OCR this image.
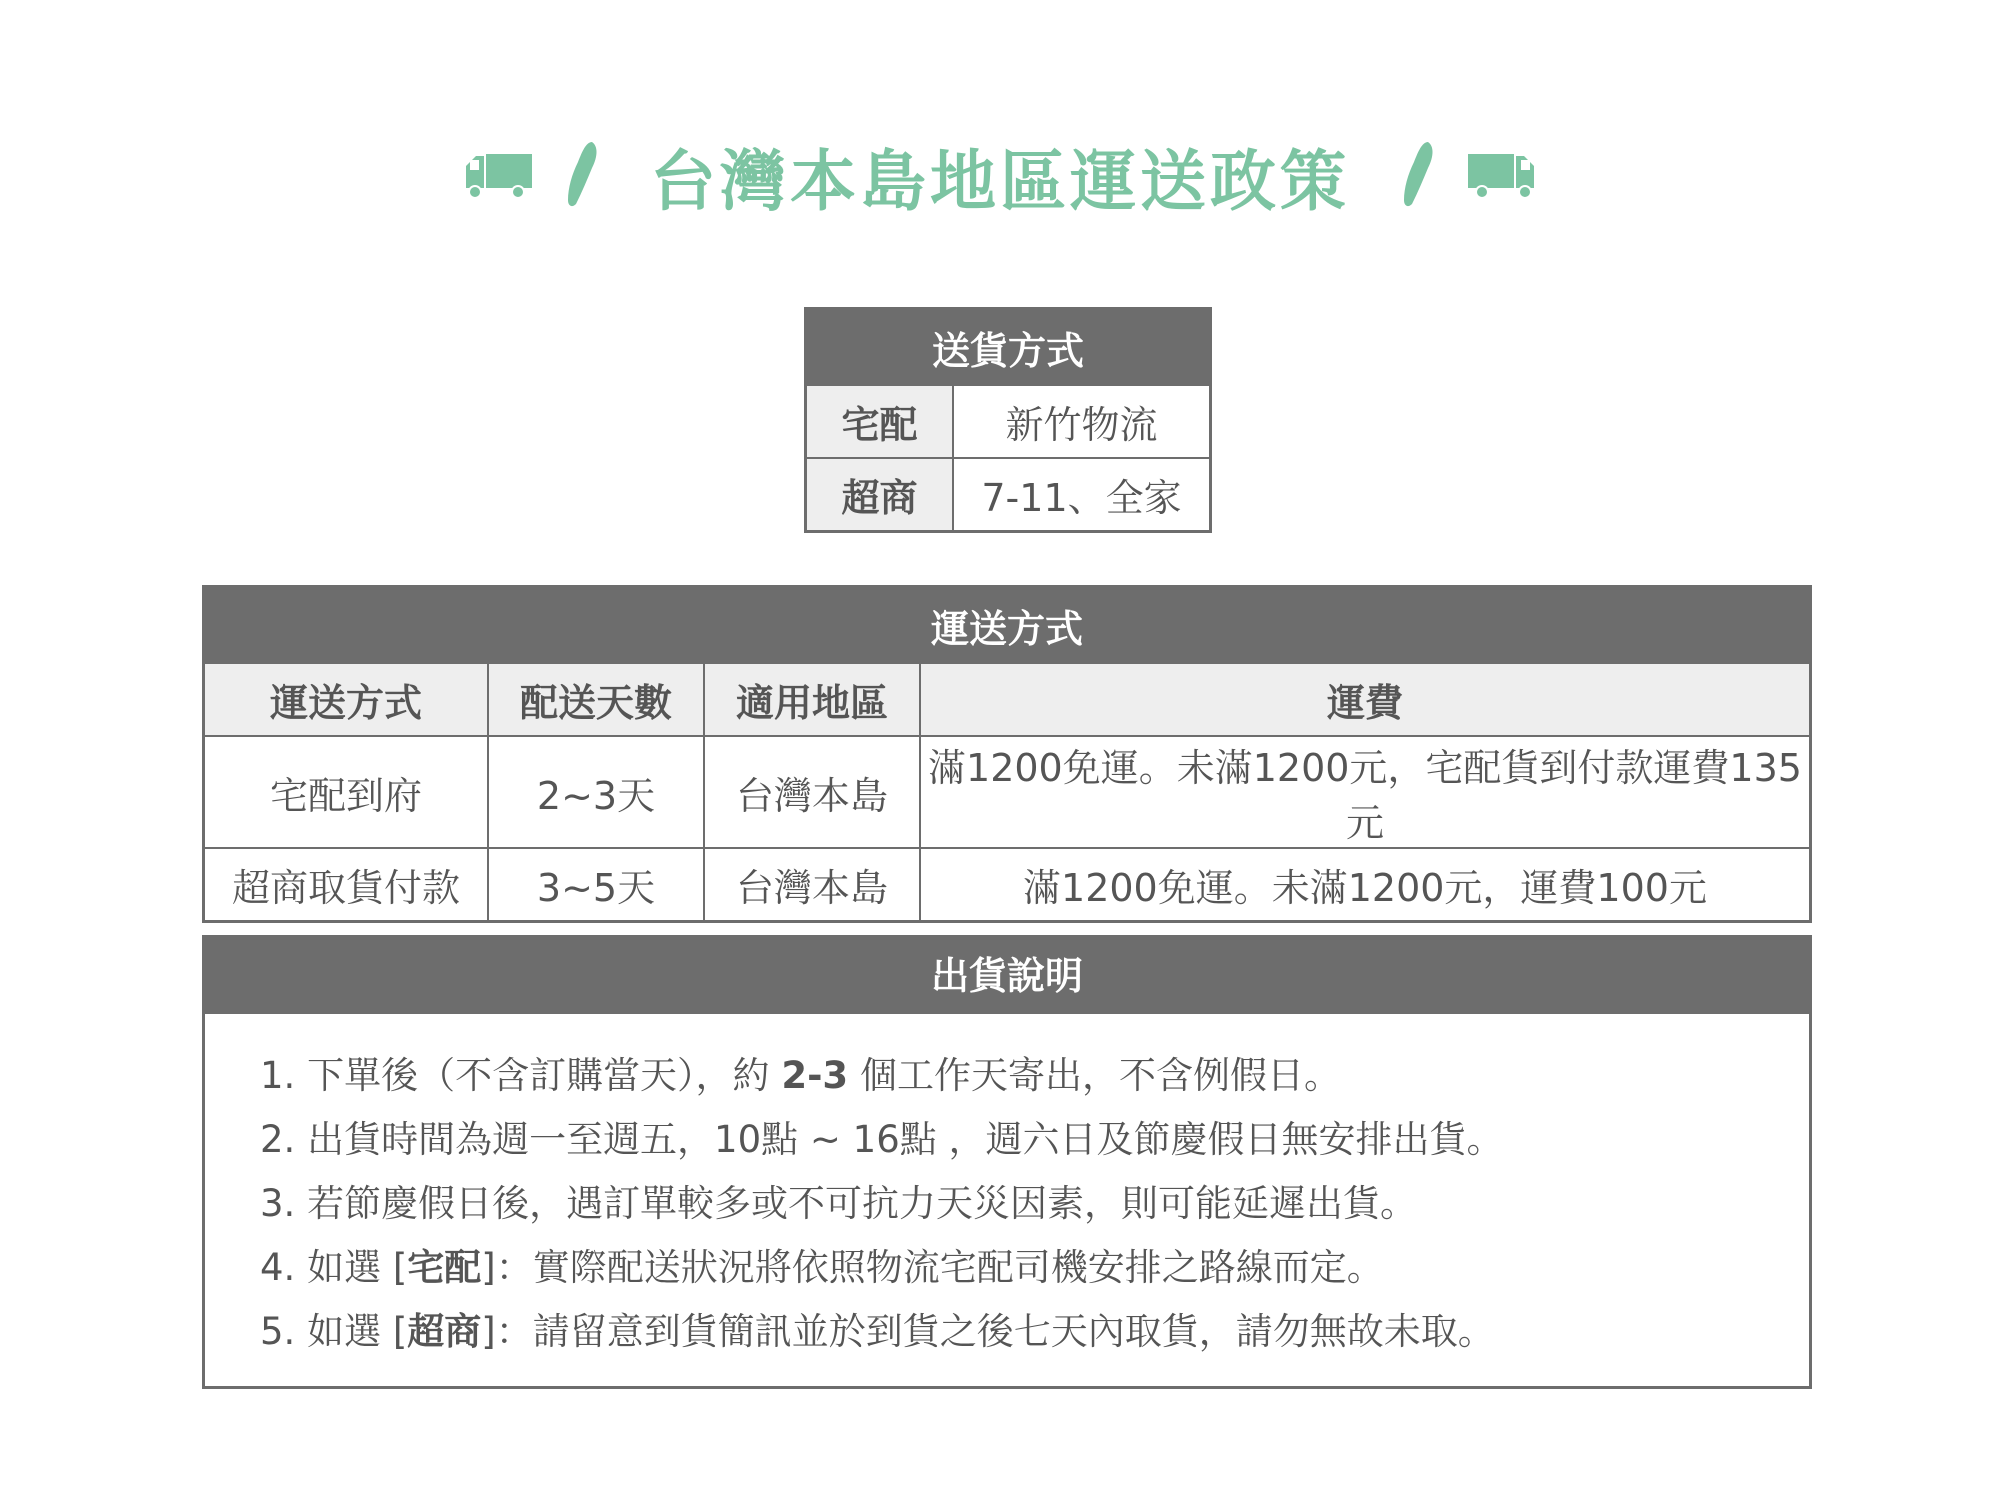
台灣本島地區運送政策
送貨方式	
宅配	新竹物流
超商	7-11、全家
運送方式			
運送方式	配送天數	適用地區	運費
宅配到府	2~3天	台灣本島	滿1200免運。未滿1200元，宅配貨到付款運費135元
超商取貨付款	3~5天	台灣本島	滿1200免運。未滿1200元，運費100元
出貨說明
1. 下單後（不含訂購當天），約 2-3 個工作天寄出，不含例假日。
2. 出貨時間為週一至週五，10點 ~ 16點 ，週六日及節慶假日無安排出貨。
3. 若節慶假日後，遇訂單較多或不可抗力天災因素，則可能延遲出貨。
4. 如選 [宅配]：實際配送狀況將依照物流宅配司機安排之路線而定。
5. 如選 [超商]：請留意到貨簡訊並於到貨之後七天內取貨，請勿無故未取。
